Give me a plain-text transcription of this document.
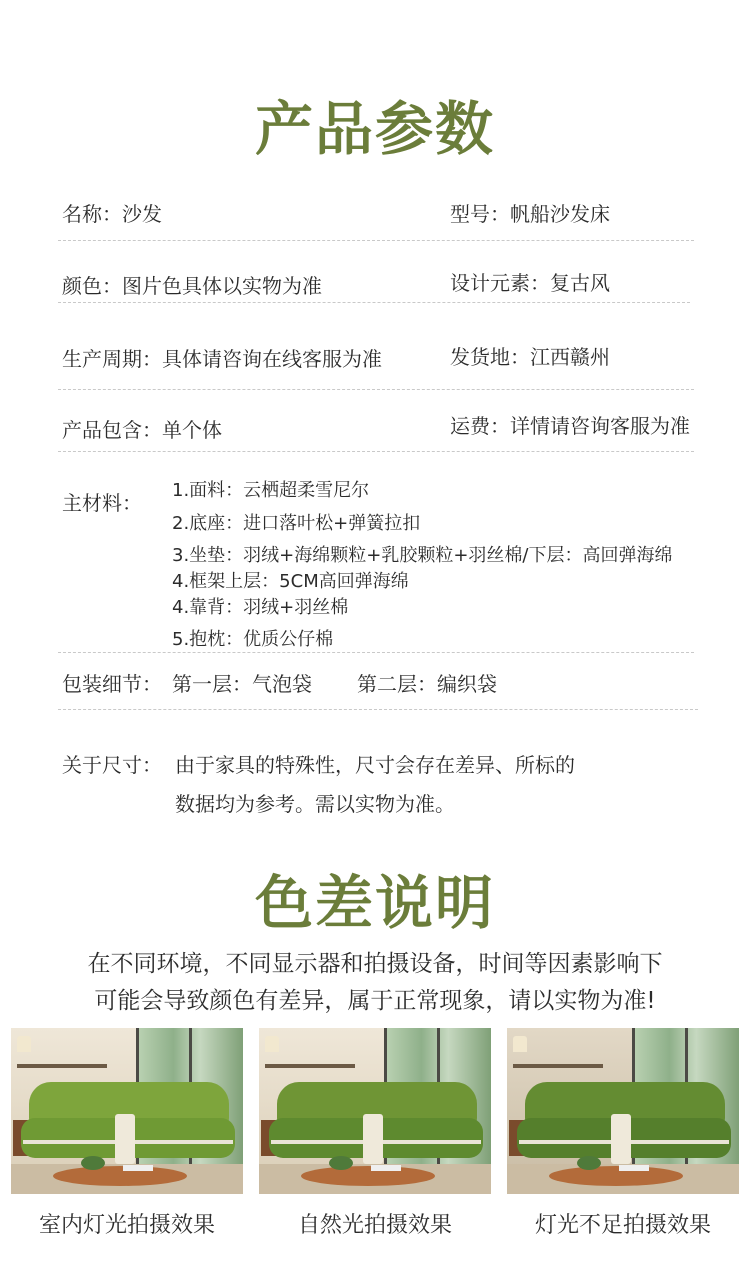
产品参数
名称：沙发	型号：帆船沙发床
颜色：图片色具体以实物为准	设计元素：复古风
生产周期：具体请咨询在线客服为准	发货地：江西赣州
产品包含：单个体	运费：详情请咨询客服为准
主材料：
1.面料：云栖超柔雪尼尔
2.底座：进口落叶松+弹簧拉扣
3.坐垫：羽绒+海绵颗粒+乳胶颗粒+羽丝棉/下层：高回弹海绵
4.框架上层：5CM高回弹海绵
4.靠背：羽绒+羽丝棉
5.抱枕：优质公仔棉
包装细节： 第一层：气泡袋 第二层：编织袋
关于尺寸： 由于家具的特殊性，尺寸会存在差异、所标的
数据均为参考。需以实物为准。
色差说明
在不同环境，不同显示器和拍摄设备，时间等因素影响下
可能会导致颜色有差异，属于正常现象，请以实物为准!
室内灯光拍摄效果	自然光拍摄效果	灯光不足拍摄效果
